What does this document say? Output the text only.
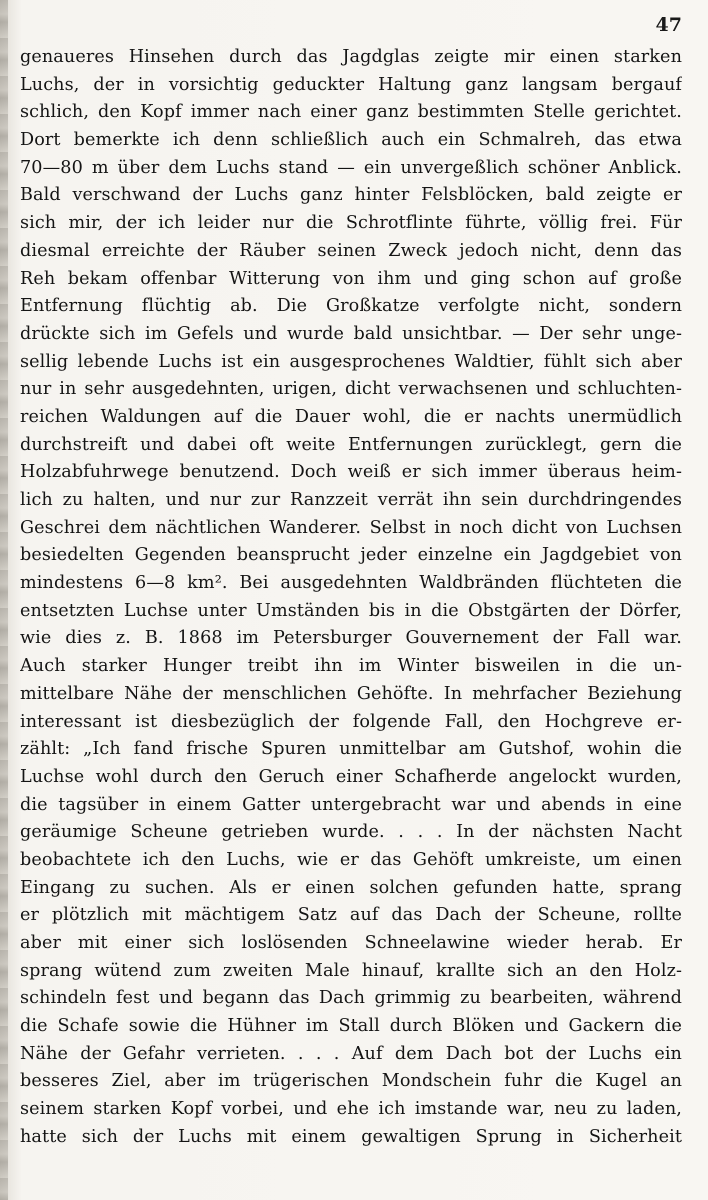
47
genaueres Hinsehen durch das Jagdglas zeigte mir einen starken
Luchs, der in vorsichtig geduckter Haltung ganz langsam bergauf
schlich, den Kopf immer nach einer ganz bestimmten Stelle gerichtet.
Dort bemerkte ich denn schließlich auch ein Schmalreh, das etwa
70—80 m über dem Luchs stand — ein unvergeßlich schöner Anblick.
Bald verschwand der Luchs ganz hinter Felsblöcken, bald zeigte er
sich mir, der ich leider nur die Schrotflinte führte, völlig frei. Für
diesmal erreichte der Räuber seinen Zweck jedoch nicht, denn das
Reh bekam offenbar Witterung von ihm und ging schon auf große
Entfernung flüchtig ab. Die Großkatze verfolgte nicht, sondern
drückte sich im Gefels und wurde bald unsichtbar. — Der sehr unge-
sellig lebende Luchs ist ein ausgesprochenes Waldtier, fühlt sich aber
nur in sehr ausgedehnten, urigen, dicht verwachsenen und schluchten-
reichen Waldungen auf die Dauer wohl, die er nachts unermüdlich
durchstreift und dabei oft weite Entfernungen zurücklegt, gern die
Holzabfuhrwege benutzend. Doch weiß er sich immer überaus heim-
lich zu halten, und nur zur Ranzzeit verrät ihn sein durchdringendes
Geschrei dem nächtlichen Wanderer. Selbst in noch dicht von Luchsen
besiedelten Gegenden beansprucht jeder einzelne ein Jagdgebiet von
mindestens 6—8 km². Bei ausgedehnten Waldbränden flüchteten die
entsetzten Luchse unter Umständen bis in die Obstgärten der Dörfer,
wie dies z. B. 1868 im Petersburger Gouvernement der Fall war.
Auch starker Hunger treibt ihn im Winter bisweilen in die un-
mittelbare Nähe der menschlichen Gehöfte. In mehrfacher Beziehung
interessant ist diesbezüglich der folgende Fall, den Hochgreve er-
zählt: „Ich fand frische Spuren unmittelbar am Gutshof, wohin die
Luchse wohl durch den Geruch einer Schafherde angelockt wurden,
die tagsüber in einem Gatter untergebracht war und abends in eine
geräumige Scheune getrieben wurde. . . . In der nächsten Nacht
beobachtete ich den Luchs, wie er das Gehöft umkreiste, um einen
Eingang zu suchen. Als er einen solchen gefunden hatte, sprang
er plötzlich mit mächtigem Satz auf das Dach der Scheune, rollte
aber mit einer sich loslösenden Schneelawine wieder herab. Er
sprang wütend zum zweiten Male hinauf, krallte sich an den Holz-
schindeln fest und begann das Dach grimmig zu bearbeiten, während
die Schafe sowie die Hühner im Stall durch Blöken und Gackern die
Nähe der Gefahr verrieten. . . . Auf dem Dach bot der Luchs ein
besseres Ziel, aber im trügerischen Mondschein fuhr die Kugel an
seinem starken Kopf vorbei, und ehe ich imstande war, neu zu laden,
hatte sich der Luchs mit einem gewaltigen Sprung in Sicherheit
